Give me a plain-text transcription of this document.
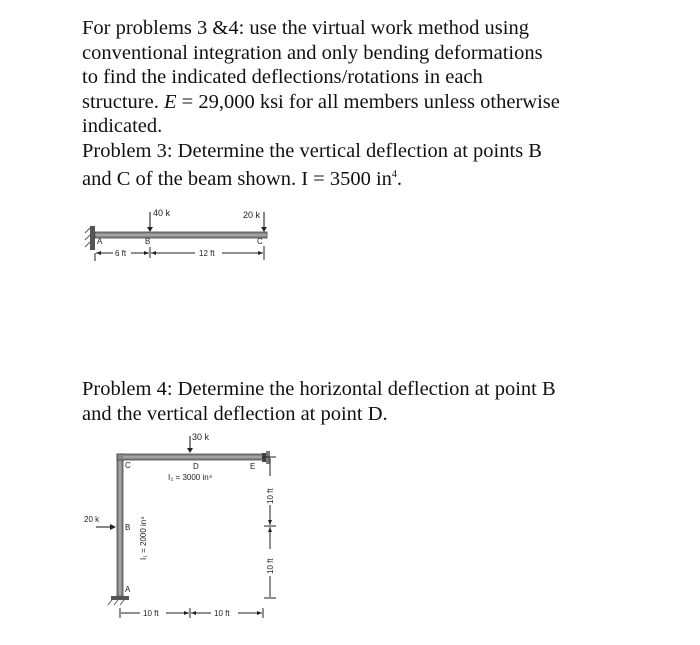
For problems 3 &4: use the virtual work method using

conventional integration and only bending deformations

to find the indicated deflections/rotations in each

structure. E = 29,000 ksi for all members unless otherwise

indicated.

Problem 3: Determine the vertical deflection at points B

and C of the beam shown. I = 3500 $in^4$.

40 k	20 k
A	B	C
6 ft	12 ft

Problem 4: Determine the horizontal deflection at point B

and the vertical deflection at point D.

30 k
20 k
C
B
A
D	E
I₂ = 3000 in⁴
I₁ = 2000 in⁴
10 ft	10 ft
10 ft
10 ft
